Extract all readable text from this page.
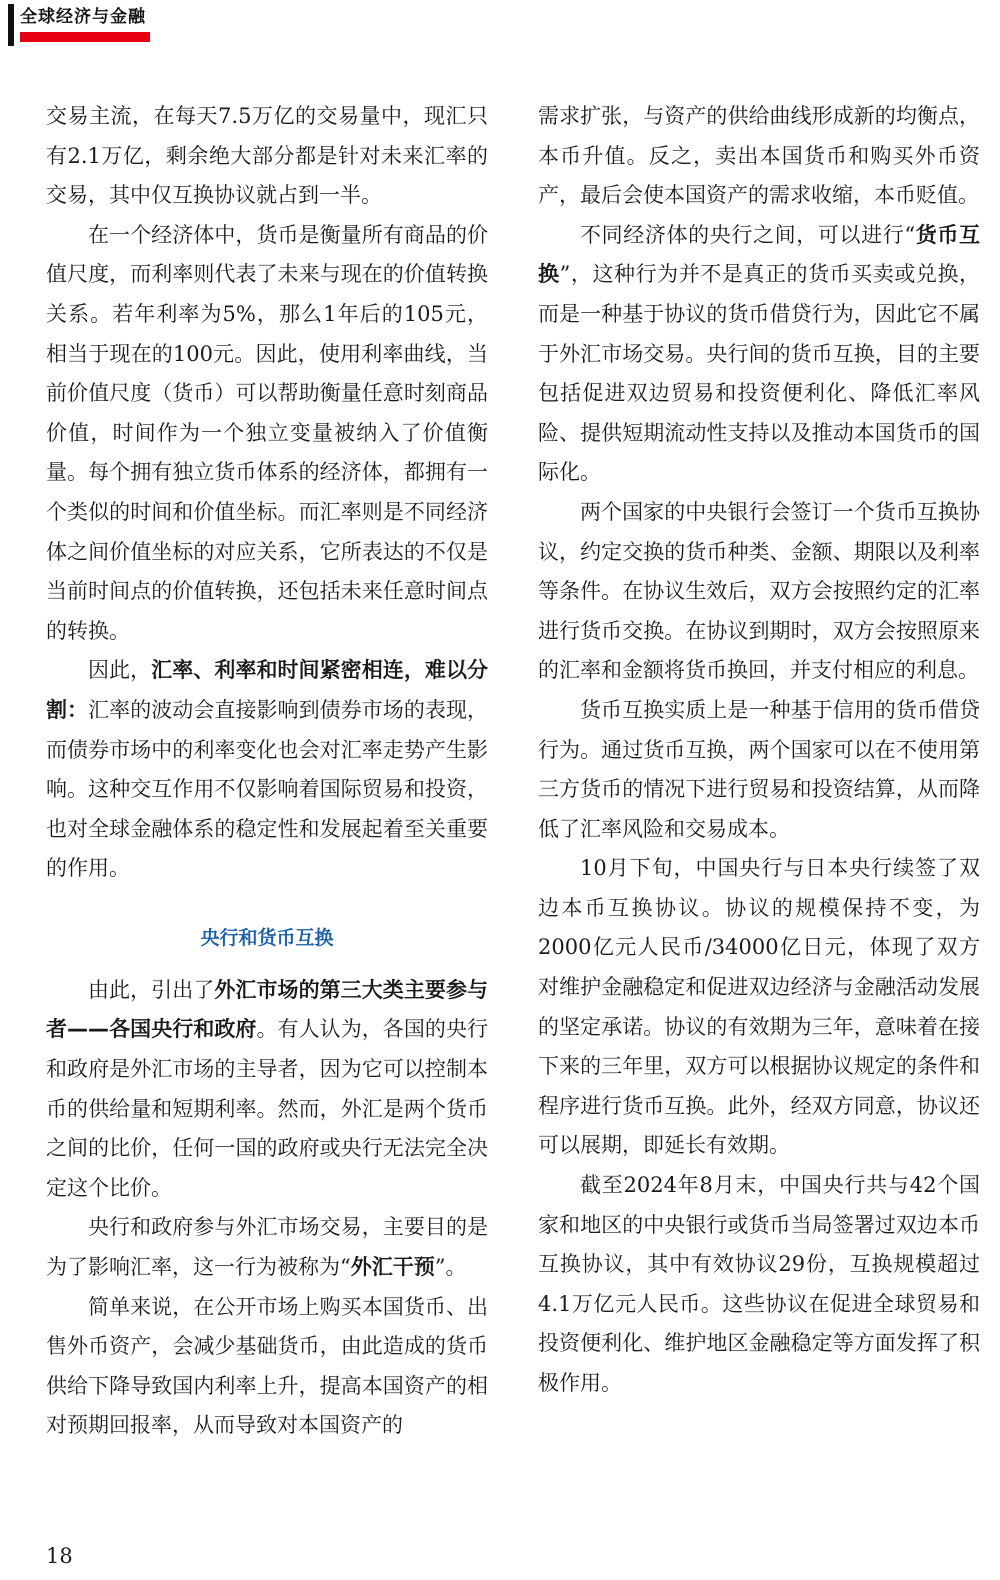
全球经济与金融

交易主流，在每天7.5万亿的交易量中，现汇只有2.1万亿，剩余绝大部分都是针对未来汇率的交易，其中仅互换协议就占到一半。

在一个经济体中，货币是衡量所有商品的价值尺度，而利率则代表了未来与现在的价值转换关系。若年利率为5%，那么1年后的105元，相当于现在的100元。因此，使用利率曲线，当前价值尺度（货币）可以帮助衡量任意时刻商品价值，时间作为一个独立变量被纳入了价值衡量。每个拥有独立货币体系的经济体，都拥有一个类似的时间和价值坐标。而汇率则是不同经济体之间价值坐标的对应关系，它所表达的不仅是当前时间点的价值转换，还包括未来任意时间点的转换。

因此，汇率、利率和时间紧密相连，难以分割：汇率的波动会直接影响到债券市场的表现，而债券市场中的利率变化也会对汇率走势产生影响。这种交互作用不仅影响着国际贸易和投资，也对全球金融体系的稳定性和发展起着至关重要的作用。

央行和货币互换

由此，引出了外汇市场的第三大类主要参与者——各国央行和政府。有人认为，各国的央行和政府是外汇市场的主导者，因为它可以控制本币的供给量和短期利率。然而，外汇是两个货币之间的比价，任何一国的政府或央行无法完全决定这个比价。

央行和政府参与外汇市场交易，主要目的是为了影响汇率，这一行为被称为“外汇干预”。

简单来说，在公开市场上购买本国货币、出售外币资产，会减少基础货币，由此造成的货币供给下降导致国内利率上升，提高本国资产的相对预期回报率，从而导致对本国资产的

需求扩张，与资产的供给曲线形成新的均衡点，本币升值。反之，卖出本国货币和购买外币资产，最后会使本国资产的需求收缩，本币贬值。

不同经济体的央行之间，可以进行“货币互换”，这种行为并不是真正的货币买卖或兑换，而是一种基于协议的货币借贷行为，因此它不属于外汇市场交易。央行间的货币互换，目的主要包括促进双边贸易和投资便利化、降低汇率风险、提供短期流动性支持以及推动本国货币的国际化。

两个国家的中央银行会签订一个货币互换协议，约定交换的货币种类、金额、期限以及利率等条件。在协议生效后，双方会按照约定的汇率进行货币交换。在协议到期时，双方会按照原来的汇率和金额将货币换回，并支付相应的利息。

货币互换实质上是一种基于信用的货币借贷行为。通过货币互换，两个国家可以在不使用第三方货币的情况下进行贸易和投资结算，从而降低了汇率风险和交易成本。

10月下旬，中国央行与日本央行续签了双边本币互换协议。协议的规模保持不变，为2000亿元人民币/34000亿日元，体现了双方对维护金融稳定和促进双边经济与金融活动发展的坚定承诺。协议的有效期为三年，意味着在接下来的三年里，双方可以根据协议规定的条件和程序进行货币互换。此外，经双方同意，协议还可以展期，即延长有效期。

截至2024年8月末，中国央行共与42个国家和地区的中央银行或货币当局签署过双边本币互换协议，其中有效协议29份，互换规模超过4.1万亿元人民币。这些协议在促进全球贸易和投资便利化、维护地区金融稳定等方面发挥了积极作用。

18
